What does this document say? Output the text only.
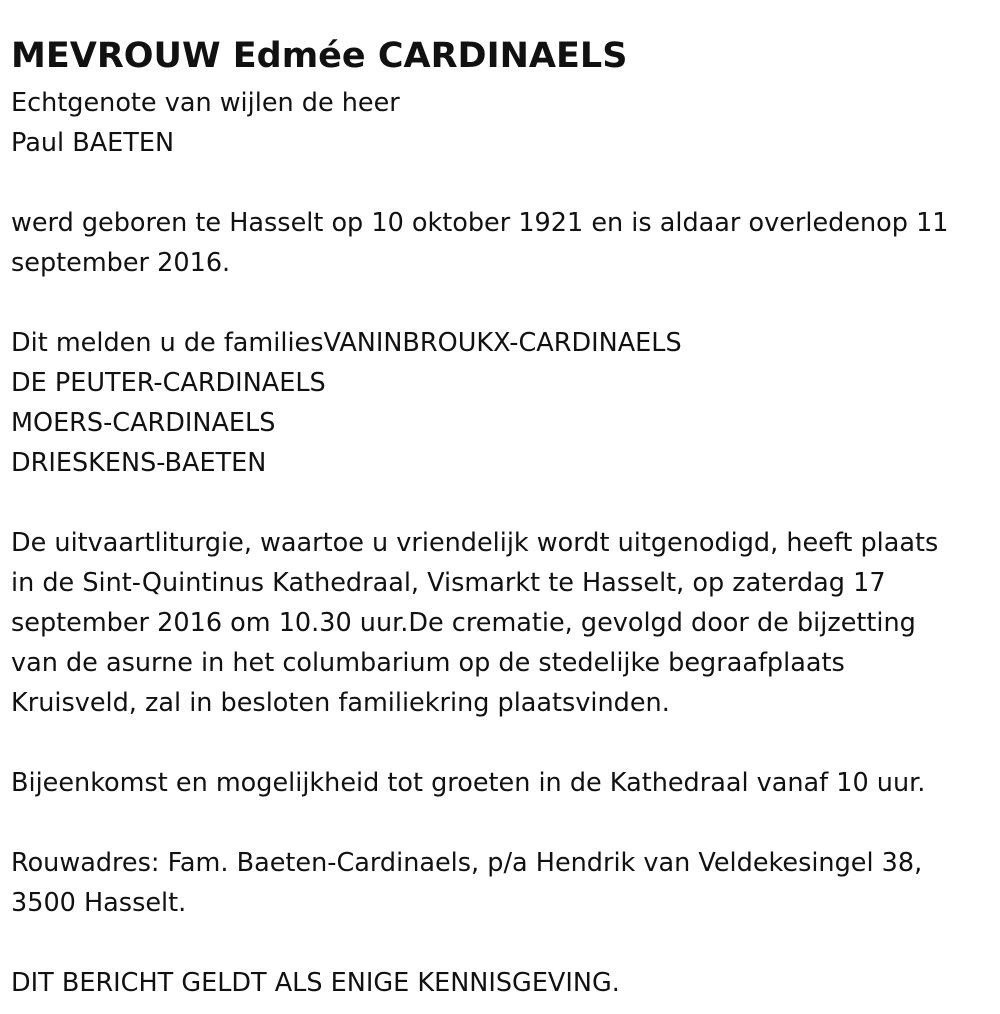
MEVROUW Edmée CARDINAELS
Echtgenote van wijlen de heer
Paul BAETEN
werd geboren te Hasselt op 10 oktober 1921 en is aldaar overledenop 11
september 2016.
Dit melden u de familiesVANINBROUKX-CARDINAELS
DE PEUTER-CARDINAELS
MOERS-CARDINAELS
DRIESKENS-BAETEN
De uitvaartliturgie, waartoe u vriendelijk wordt uitgenodigd, heeft plaats
in de Sint-Quintinus Kathedraal, Vismarkt te Hasselt, op zaterdag 17
september 2016 om 10.30 uur.De crematie, gevolgd door de bijzetting
van de asurne in het columbarium op de stedelijke begraafplaats
Kruisveld, zal in besloten familiekring plaatsvinden.
Bijeenkomst en mogelijkheid tot groeten in de Kathedraal vanaf 10 uur.
Rouwadres: Fam. Baeten-Cardinaels, p/a Hendrik van Veldekesingel 38,
3500 Hasselt.
DIT BERICHT GELDT ALS ENIGE KENNISGEVING.
